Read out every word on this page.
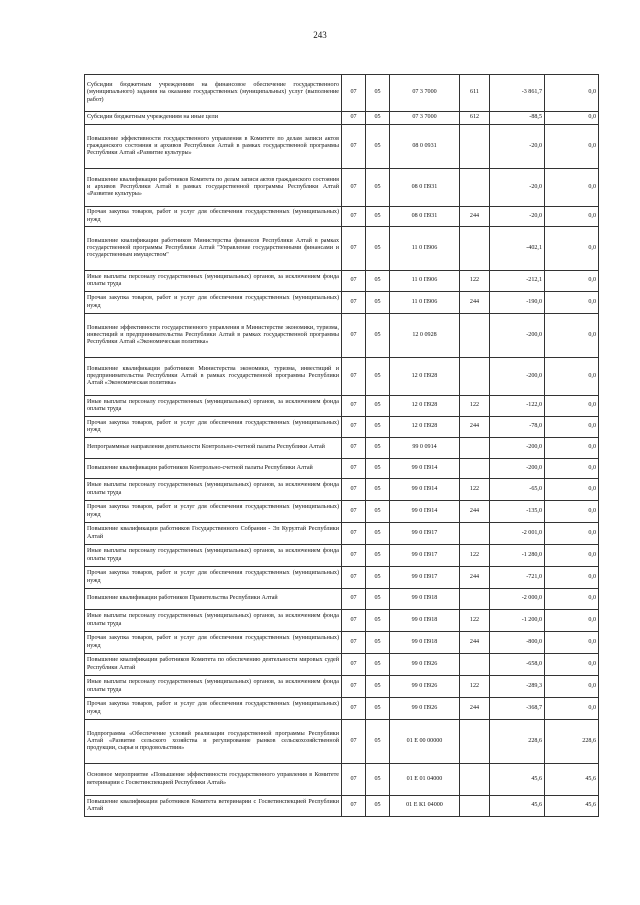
243
Субсидии бюджетным учреждениям на финансовое обеспечение государственного (муниципального) задания на оказание государственных (муниципальных) услуг (выполнение работ)	07	05	07 3 7000	611	-3 861,7	0,0
Субсидии бюджетным учреждениям на иные цели	07	05	07 3 7000	612	-88,5	0,0
Повышение эффективности государственного управления в Комитете по делам записи актов гражданского состояния и архивов Республики Алтай в рамках государственной программы Республики Алтай «Развитие культуры»	07	05	08 0 0931		-20,0	0,0
Повышение квалификации работников Комитета по делам записи актов гражданского состояния и архивов Республики Алтай в рамках государственной программы Республики Алтай «Развитие культуры»	07	05	08 0 П931		-20,0	0,0
Прочая закупка товаров, работ и услуг для обеспечения государственных (муниципальных) нужд	07	05	08 0 П931	244	-20,0	0,0
Повышение квалификации работников Министерства финансов Республики Алтай в рамках государственной программы Республики Алтай "Управление государственными финансами и государственным имуществом"	07	05	11 0 П906		-402,1	0,0
Иные выплаты персоналу государственных (муниципальных) органов, за исключением фонда оплаты труда	07	05	11 0 П906	122	-212,1	0,0
Прочая закупка товаров, работ и услуг для обеспечения государственных (муниципальных) нужд	07	05	11 0 П906	244	-190,0	0,0
Повышение эффективности государственного управления в Министерстве экономики, туризма, инвестиций и предпринимательства Республики Алтай в рамках государственной программы Республики Алтай «Экономическая политика»	07	05	12 0 0928		-200,0	0,0
Повышение квалификации работников Министерства экономики, туризма, инвестиций и предпринимательства Республики Алтай в рамках государственной программы Республики Алтай «Экономическая политика»	07	05	12 0 П928		-200,0	0,0
Иные выплаты персоналу государственных (муниципальных) органов, за исключением фонда оплаты труда	07	05	12 0 П928	122	-122,0	0,0
Прочая закупка товаров, работ и услуг для обеспечения государственных (муниципальных) нужд	07	05	12 0 П928	244	-78,0	0,0
Непрограммные направления деятельности Контрольно-счетной палаты Республики Алтай	07	05	99 0 0914		-200,0	0,0
Повышение квалификации работников Контрольно-счетной палаты Республики Алтай	07	05	99 0 П914		-200,0	0,0
Иные выплаты персоналу государственных (муниципальных) органов, за исключением фонда оплаты труда	07	05	99 0 П914	122	-65,0	0,0
Прочая закупка товаров, работ и услуг для обеспечения государственных (муниципальных) нужд	07	05	99 0 П914	244	-135,0	0,0
Повышение квалификации работников Государственного Собрания - Эл Курултай Республики Алтай	07	05	99 0 П917		-2 001,0	0,0
Иные выплаты персоналу государственных (муниципальных) органов, за исключением фонда оплаты труда	07	05	99 0 П917	122	-1 280,0	0,0
Прочая закупка товаров, работ и услуг для обеспечения государственных (муниципальных) нужд	07	05	99 0 П917	244	-721,0	0,0
Повышение квалификации работников Правительства Республики Алтай	07	05	99 0 П918		-2 000,0	0,0
Иные выплаты персоналу государственных (муниципальных) органов, за исключением фонда оплаты труда	07	05	99 0 П918	122	-1 200,0	0,0
Прочая закупка товаров, работ и услуг для обеспечения государственных (муниципальных) нужд	07	05	99 0 П918	244	-800,0	0,0
Повышение квалификации работников Комитета по обеспечению деятельности мировых судей Республики Алтай	07	05	99 0 П926		-658,0	0,0
Иные выплаты персоналу государственных (муниципальных) органов, за исключением фонда оплаты труда	07	05	99 0 П926	122	-289,3	0,0
Прочая закупка товаров, работ и услуг для обеспечения государственных (муниципальных) нужд	07	05	99 0 П926	244	-368,7	0,0
Подпрограмма «Обеспечение условий реализации государственной программы Республики Алтай «Развитие сельского хозяйства и регулирование рынков сельскохозяйственной продукции, сырья и продовольствия»	07	05	01 Е 00 00000		228,6	228,6
Основное мероприятие «Повышение эффективности государственного управления в Комитете ветеринарии с Госветинспекцией Республики Алтай»	07	05	01 Е 01 04000		45,6	45,6
Повышение квалификации работников Комитета ветеринарии с Госветинспекцией Республики Алтай	07	05	01 Е К1 04000		45,6	45,6
